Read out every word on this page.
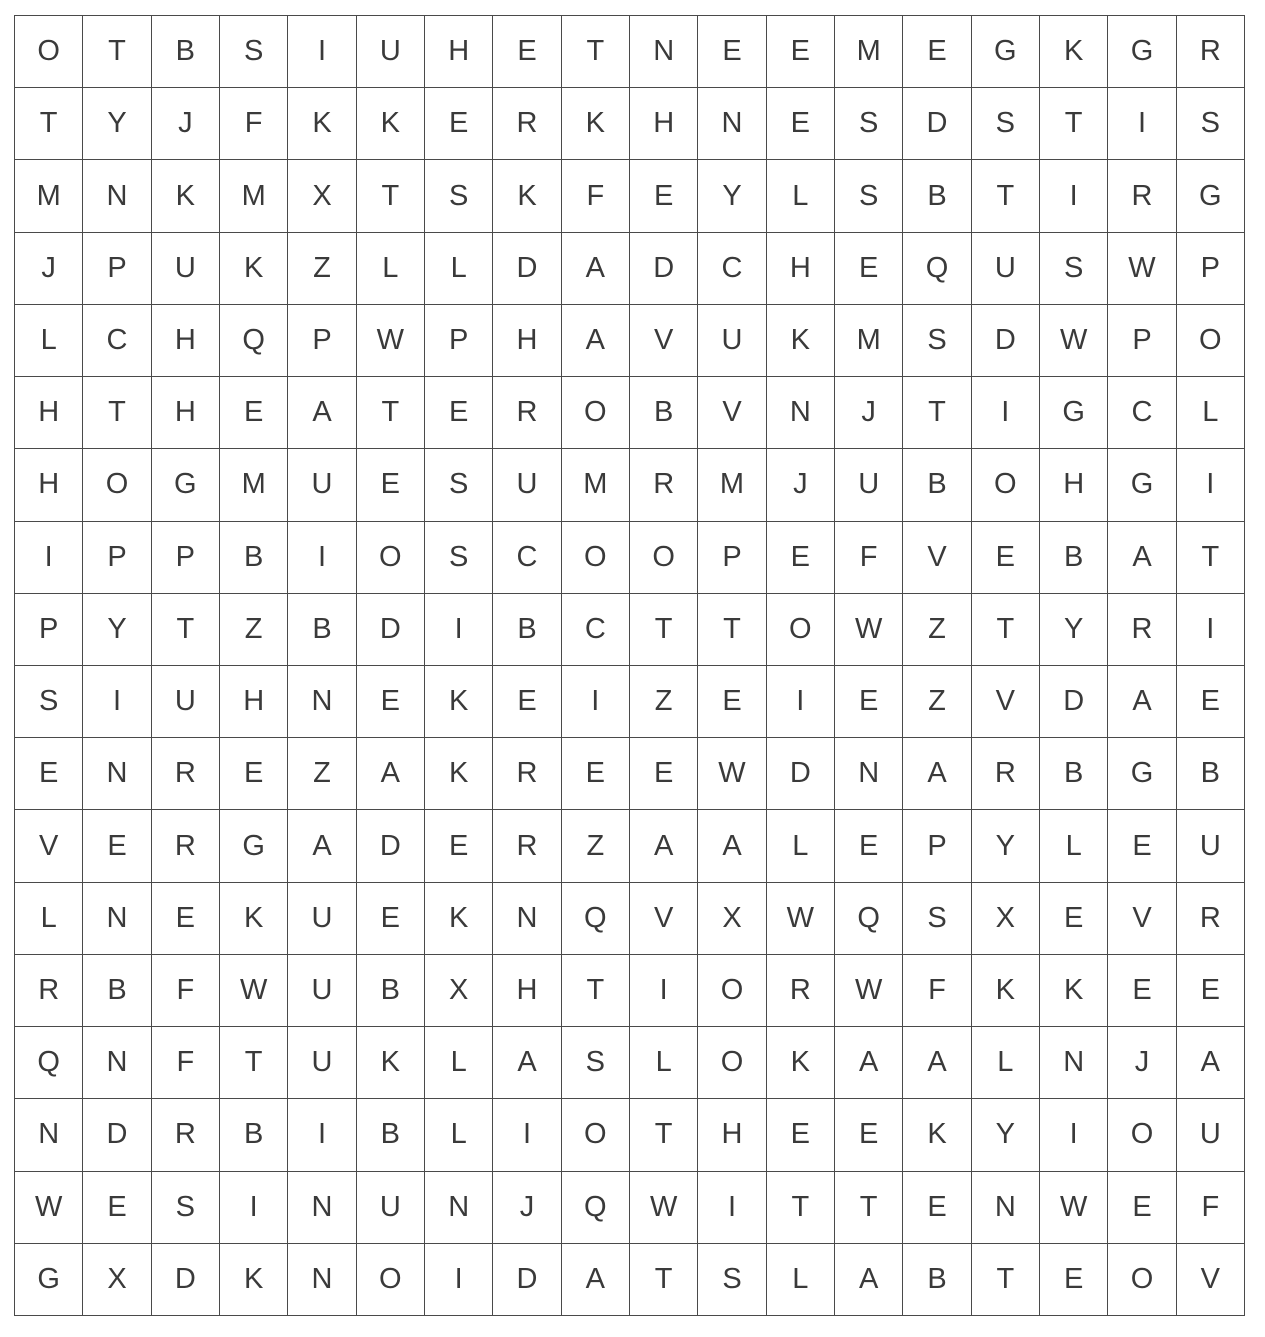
O	T	B	S	I	U	H	E	T	N	E	E	M	E	G	K	G	R
T	Y	J	F	K	K	E	R	K	H	N	E	S	D	S	T	I	S
M	N	K	M	X	T	S	K	F	E	Y	L	S	B	T	I	R	G
J	P	U	K	Z	L	L	D	A	D	C	H	E	Q	U	S	W	P
L	C	H	Q	P	W	P	H	A	V	U	K	M	S	D	W	P	O
H	T	H	E	A	T	E	R	O	B	V	N	J	T	I	G	C	L
H	O	G	M	U	E	S	U	M	R	M	J	U	B	O	H	G	I
I	P	P	B	I	O	S	C	O	O	P	E	F	V	E	B	A	T
P	Y	T	Z	B	D	I	B	C	T	T	O	W	Z	T	Y	R	I
S	I	U	H	N	E	K	E	I	Z	E	I	E	Z	V	D	A	E
E	N	R	E	Z	A	K	R	E	E	W	D	N	A	R	B	G	B
V	E	R	G	A	D	E	R	Z	A	A	L	E	P	Y	L	E	U
L	N	E	K	U	E	K	N	Q	V	X	W	Q	S	X	E	V	R
R	B	F	W	U	B	X	H	T	I	O	R	W	F	K	K	E	E
Q	N	F	T	U	K	L	A	S	L	O	K	A	A	L	N	J	A
N	D	R	B	I	B	L	I	O	T	H	E	E	K	Y	I	O	U
W	E	S	I	N	U	N	J	Q	W	I	T	T	E	N	W	E	F
G	X	D	K	N	O	I	D	A	T	S	L	A	B	T	E	O	V
